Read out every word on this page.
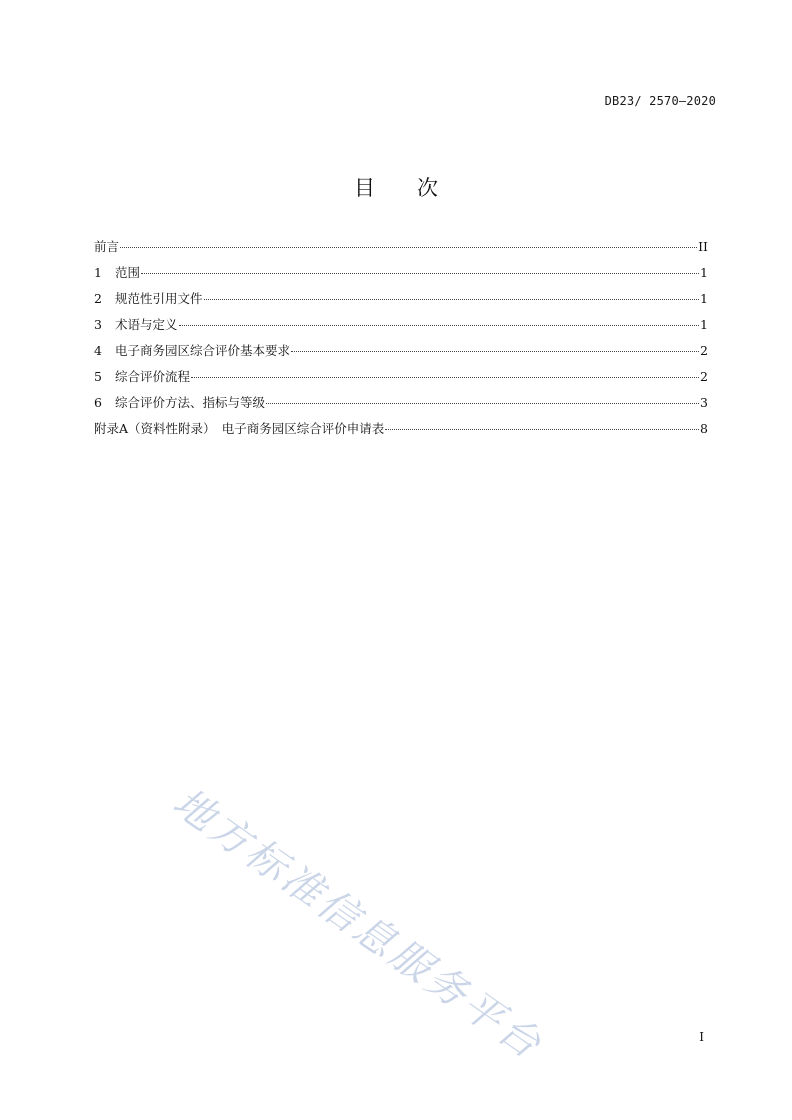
DB23/ 2570—2020
目 次
前言	II
1	范围	1
2	规范性引用文件	1
3	术语与定义	1
4	电子商务园区综合评价基本要求	2
5	综合评价流程	2
6	综合评价方法、指标与等级	3
附录A（资料性附录）　电子商务园区综合评价申请表	8
地方标准信息服务平台	I
